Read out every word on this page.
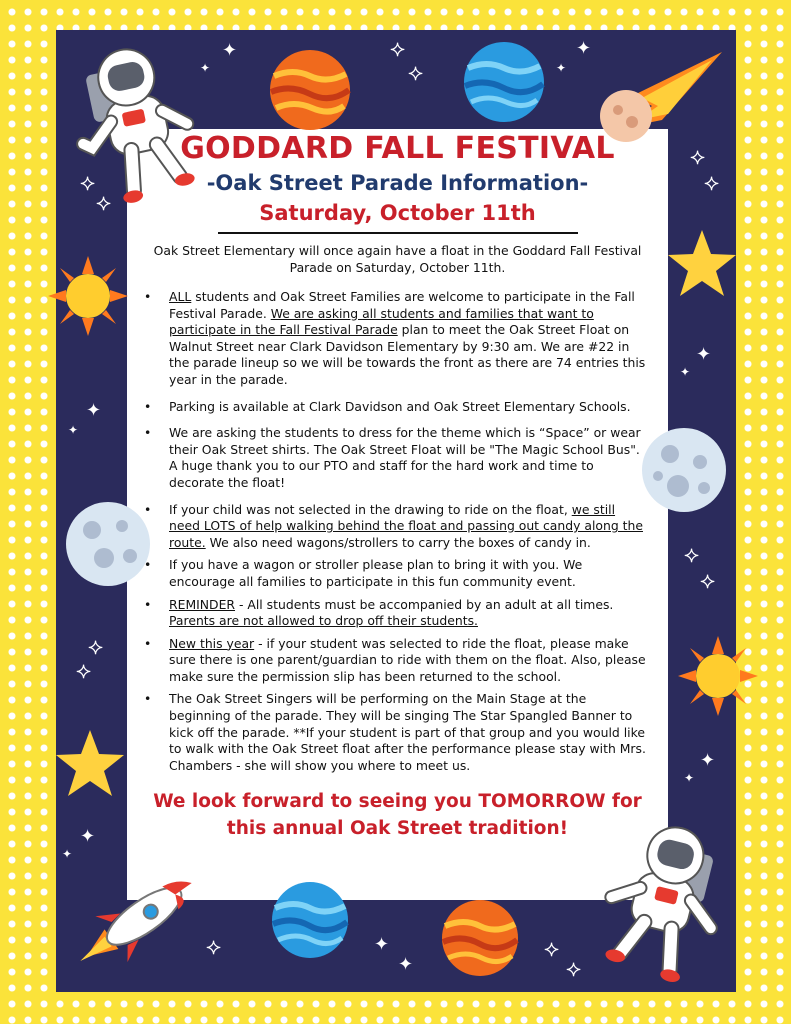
✦
✦
✦
✦
✦
✦
✦
✦
✦
✦
✦
✦
✦
✦
✦
✦
✦
✦
✦
✦
✦
✦
✦
✦
✦
✦
✦
GODDARD FALL FESTIVAL
-Oak Street Parade Information-
Saturday, October 11th
Oak Street Elementary will once again have a float in the Goddard Fall Festival Parade on Saturday, October 11th.
• ALL students and Oak Street Families are welcome to participate in the Fall Festival Parade. We are asking all students and families that want to participate in the Fall Festival Parade plan to meet the Oak Street Float on Walnut Street near Clark Davidson Elementary by 9:30 am. We are #22 in the parade lineup so we will be towards the front as there are 74 entries this year in the parade.
• Parking is available at Clark Davidson and Oak Street Elementary Schools.
• We are asking the students to dress for the theme which is “Space” or wear their Oak Street shirts. The Oak Street Float will be "The Magic School Bus". A huge thank you to our PTO and staff for the hard work and time to decorate the float!
• If your child was not selected in the drawing to ride on the float, we still need LOTS of help walking behind the float and passing out candy along the route. We also need wagons/strollers to carry the boxes of candy in.
• If you have a wagon or stroller please plan to bring it with you. We encourage all families to participate in this fun community event.
• REMINDER - All students must be accompanied by an adult at all times. Parents are not allowed to drop off their students.
• New this year - if your student was selected to ride the float, please make sure there is one parent/guardian to ride with them on the float. Also, please make sure the permission slip has been returned to the school.
• The Oak Street Singers will be performing on the Main Stage at the beginning of the parade. They will be singing The Star Spangled Banner to kick off the parade. **If your student is part of that group and you would like to walk with the Oak Street float after the performance please stay with Mrs. Chambers - she will show you where to meet us.
We look forward to seeing you TOMORROW for this annual Oak Street tradition!
